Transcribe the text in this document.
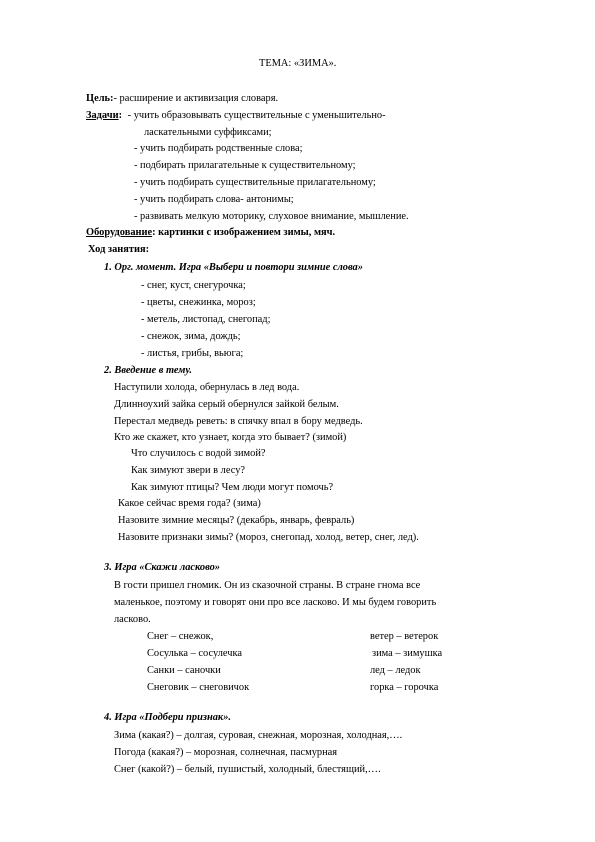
ТЕМА: «ЗИМА».
Цель:- расширение и активизация словаря.
Задачи: - учить образовывать существительные с уменьшительно-
ласкательными суффиксами;
- учить подбирать родственные слова;
- подбирать прилагательные к существительному;
- учить подбирать существительные прилагательному;
- учить подбирать слова- антонимы;
- развивать мелкую моторику, слуховое внимание, мышление.
Оборудование: картинки с изображением зимы, мяч.
Ход занятия:
1. Орг. момент. Игра «Выбери и повтори зимние слова»
- снег, куст, снегурочка;
- цветы, снежинка, мороз;
- метель, листопад, снегопад;
- снежок, зима, дождь;
- листья, грибы, вьюга;
2. Введение в тему.
Наступили холода, обернулась в лед вода.
Длинноухий зайка серый обернулся зайкой белым.
Перестал медведь реветь: в спячку впал в бору медведь.
Кто же скажет, кто узнает, когда это бывает? (зимой)
Что случилось с водой зимой?
Как зимуют звери в лесу?
Как зимуют птицы? Чем люди могут помочь?
Какое сейчас время года? (зима)
Назовите зимние месяцы? (декабрь, январь, февраль)
Назовите признаки зимы? (мороз, снегопад, холод, ветер, снег, лед).
3. Игра «Скажи ласково»
В гости пришел гномик. Он из сказочной страны. В стране гнома все
маленькое, поэтому и говорят они про все ласково. И мы будем говорить
ласково.
Снег – снежок,	ветер – ветерок
Сосулька – сосулечка	зима – зимушка
Санки – саночки	лед – ледок
Снеговик – снеговичок	горка – горочка
4. Игра «Подбери признак».
Зима (какая?) – долгая, суровая, снежная, морозная, холодная,….
Погода (какая?) – морозная, солнечная, пасмурная
Снег (какой?) – белый, пушистый, холодный, блестящий,….
